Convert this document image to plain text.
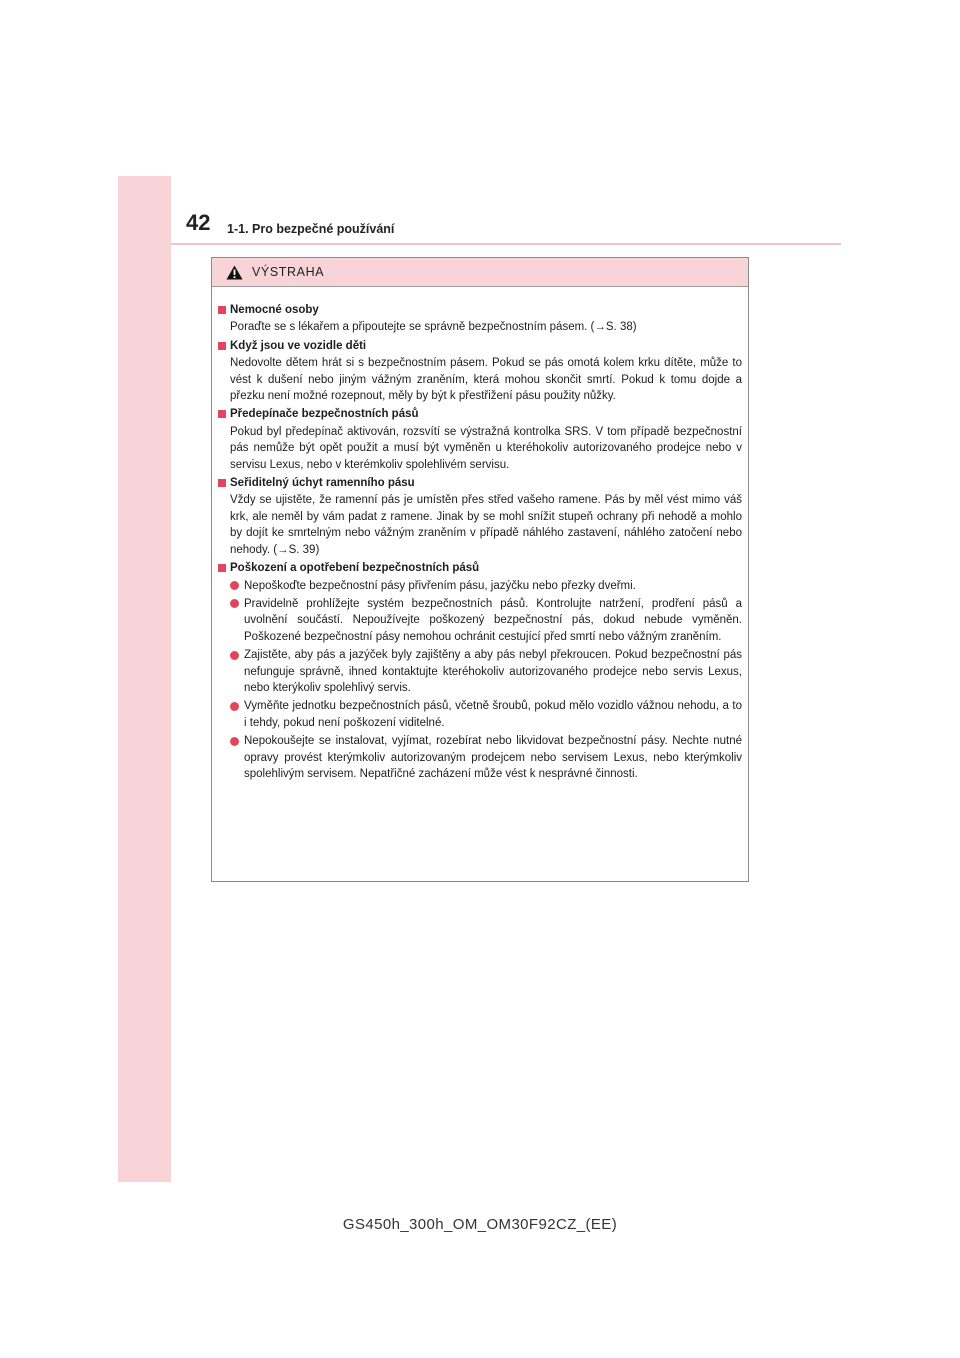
42 1-1. Pro bezpečné používání
VÝSTRAHA
Nemocné osoby
Poraďte se s lékařem a připoutejte se správně bezpečnostním pásem. (→S. 38)
Když jsou ve vozidle děti
Nedovolte dětem hrát si s bezpečnostním pásem. Pokud se pás omotá kolem krku dítěte, může to vést k dušení nebo jiným vážným zraněním, která mohou skončit smrtí. Pokud k tomu dojde a přezku není možné rozepnout, měly by být k přestřižení pásu použity nůžky.
Předepínače bezpečnostních pásů
Pokud byl předepínač aktivován, rozsvítí se výstražná kontrolka SRS. V tom případě bezpečnostní pás nemůže být opět použit a musí být vyměněn u kteréhokoliv autorizovaného prodejce nebo v servisu Lexus, nebo v kterémkoliv spolehlivém servisu.
Seřiditelný úchyt ramenního pásu
Vždy se ujistěte, že ramenní pás je umístěn přes střed vašeho ramene. Pás by měl vést mimo váš krk, ale neměl by vám padat z ramene. Jinak by se mohl snížit stupeň ochrany při nehodě a mohlo by dojít ke smrtelným nebo vážným zraněním v případě náhlého zastavení, náhlého zatočení nebo nehody. (→S. 39)
Poškození a opotřebení bezpečnostních pásů
Nepoškoďte bezpečnostní pásy přivřením pásu, jazýčku nebo přezky dveřmi.
Pravidelně prohlížejte systém bezpečnostních pásů. Kontrolujte natržení, prodření pásů a uvolnění součástí. Nepoužívejte poškozený bezpečnostní pás, dokud nebude vyměněn. Poškozené bezpečnostní pásy nemohou ochránit cestující před smrtí nebo vážným zraněním.
Zajistěte, aby pás a jazýček byly zajištěny a aby pás nebyl překroucen. Pokud bezpečnostní pás nefunguje správně, ihned kontaktujte kteréhokoliv autorizovaného prodejce nebo servis Lexus, nebo kterýkoliv spolehlivý servis.
Vyměňte jednotku bezpečnostních pásů, včetně šroubů, pokud mělo vozidlo vážnou nehodu, a to i tehdy, pokud není poškození viditelné.
Nepokoušejte se instalovat, vyjímat, rozebírat nebo likvidovat bezpečnostní pásy. Nechte nutné opravy provést kterýmkoliv autorizovaným prodejcem nebo servisem Lexus, nebo kterýmkoliv spolehlivým servisem. Nepatřičné zacházení může vést k nesprávné činnosti.
GS450h_300h_OM_OM30F92CZ_(EE)
